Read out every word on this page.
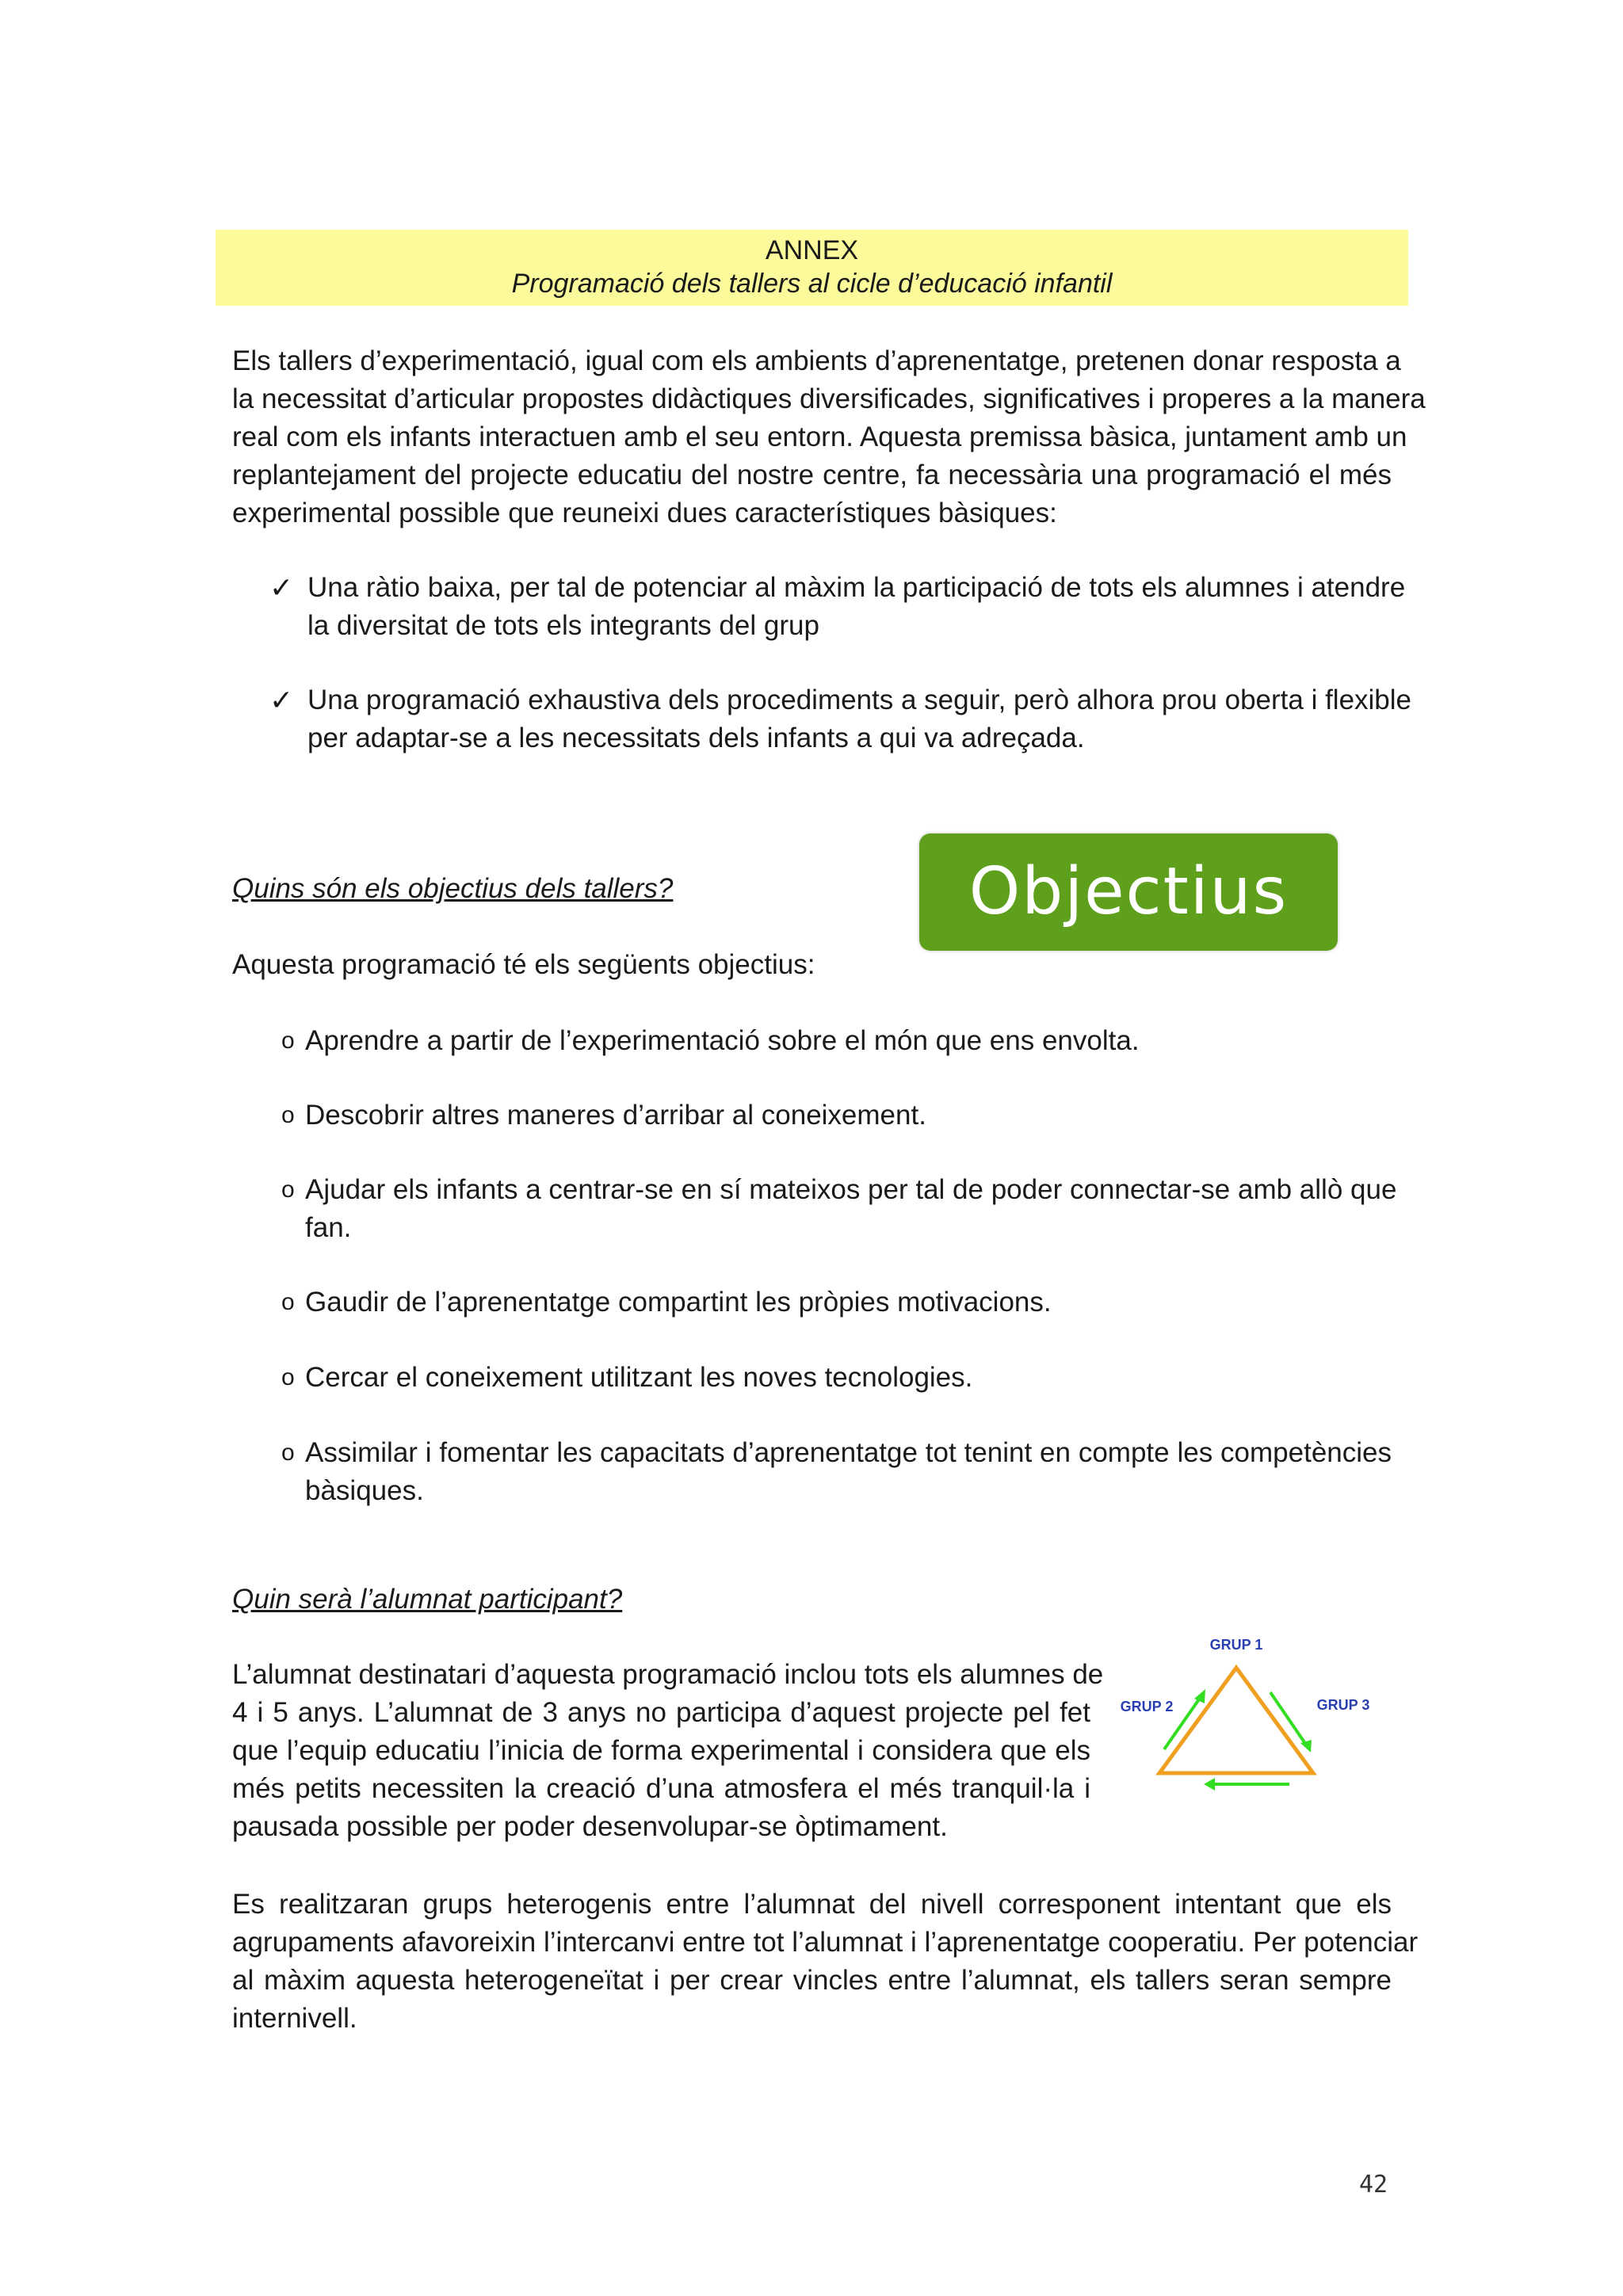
ANNEX
Programació dels tallers al cicle d’educació infantil
Els tallers d’experimentació, igual com els ambients d’aprenentatge, pretenen donar resposta a
la necessitat d’articular propostes didàctiques diversificades, significatives i properes a la manera
real com els infants interactuen amb el seu entorn. Aquesta premissa bàsica, juntament amb un
replantejament del projecte educatiu del nostre centre, fa necessària una programació el més
experimental possible que reuneixi dues característiques bàsiques:
✓ Una ràtio baixa, per tal de potenciar al màxim la participació de tots els alumnes i atendre
la diversitat de tots els integrants del grup
✓ Una programació exhaustiva dels procediments a seguir, però alhora prou oberta i flexible
per adaptar-se a les necessitats dels infants a qui va adreçada.
Quins són els objectius dels tallers?	Objectius
Aquesta programació té els següents objectius:
o Aprendre a partir de l’experimentació sobre el món que ens envolta.
o Descobrir altres maneres d’arribar al coneixement.
o Ajudar els infants a centrar-se en sí mateixos per tal de poder connectar-se amb allò que
fan.
o Gaudir de l’aprenentatge compartint les pròpies motivacions.
o Cercar el coneixement utilitzant les noves tecnologies.
o Assimilar i fomentar les capacitats d’aprenentatge tot tenint en compte les competències
bàsiques.
Quin serà l’alumnat participant?
L’alumnat destinatari d’aquesta programació inclou tots els alumnes de
4 i 5 anys. L’alumnat de 3 anys no participa d’aquest projecte pel fet
que l’equip educatiu l’inicia de forma experimental i considera que els
més petits necessiten la creació d’una atmosfera el més tranquil·la i
pausada possible per poder desenvolupar-se òptimament.
GRUP 1
GRUP 2	GRUP 3
Es realitzaran grups heterogenis entre l’alumnat del nivell corresponent intentant que els
agrupaments afavoreixin l’intercanvi entre tot l’alumnat i l’aprenentatge cooperatiu. Per potenciar
al màxim aquesta heterogeneïtat i per crear vincles entre l’alumnat, els tallers seran sempre
internivell.
42
